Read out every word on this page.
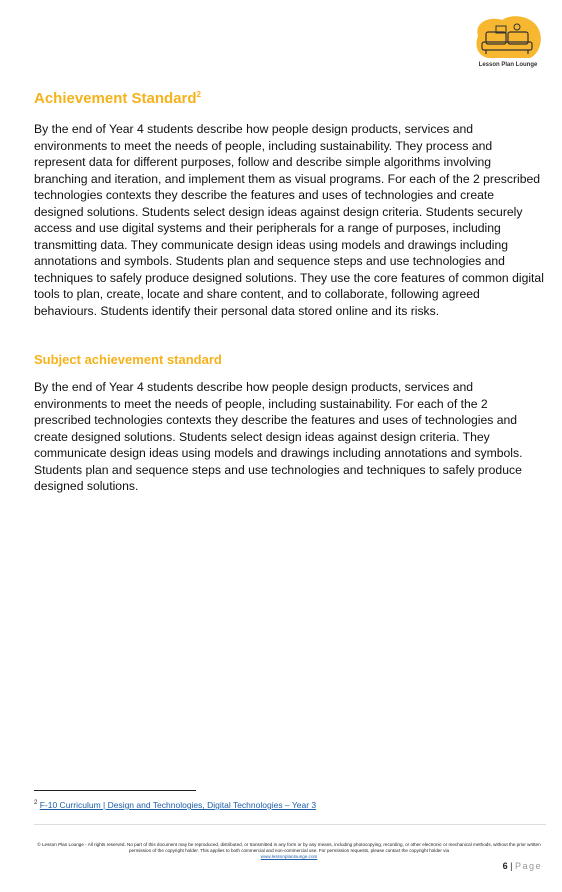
Lesson Plan Lounge
Achievement Standard$^2$

By the end of Year 4 students describe how people design products, services and environments to meet the needs of people, including sustainability. They process and represent data for different purposes, follow and describe simple algorithms involving branching and iteration, and implement them as visual programs. For each of the 2 prescribed technologies contexts they describe the features and uses of technologies and create designed solutions. Students select design ideas against design criteria. Students securely access and use digital systems and their peripherals for a range of purposes, including transmitting data. They communicate design ideas using models and drawings including annotations and symbols. Students plan and sequence steps and use technologies and techniques to safely produce designed solutions. They use the core features of common digital tools to plan, create, locate and share content, and to collaborate, following agreed behaviours. Students identify their personal data stored online and its risks.

Subject achievement standard

By the end of Year 4 students describe how people design products, services and environments to meet the needs of people, including sustainability. For each of the 2 prescribed technologies contexts they describe the features and uses of technologies and create designed solutions. Students select design ideas against design criteria. They communicate design ideas using models and drawings including annotations and symbols. Students plan and sequence steps and use technologies and techniques to safely produce designed solutions.

$^2$ F-10 Curriculum | Design and Technologies, Digital Technologies – Year 3
© Lesson Plan Lounge - All rights reserved. No part of this document may be reproduced, distributed, or transmitted in any form or by any means, including photocopying, recording, or other electronic or mechanical methods, without the prior written permission of the copyright holder. This applies to both commercial and non-commercial use. For permission requests, please contact the copyright holder via
www.lessonplanlounge.com
6 | Page
